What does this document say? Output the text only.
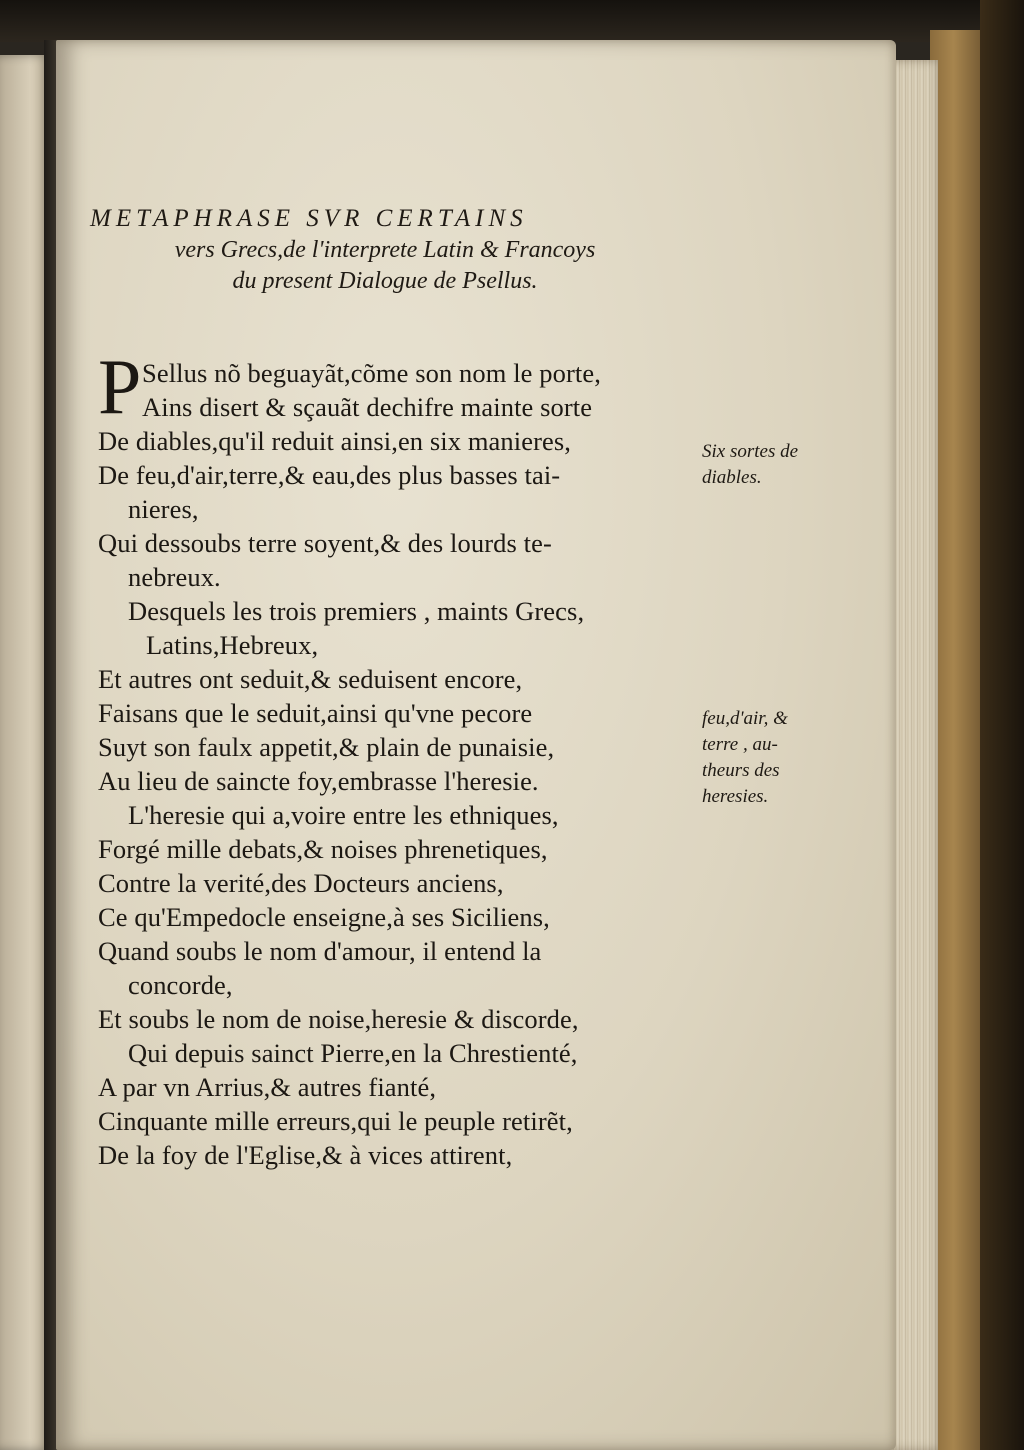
METAPHRASE SVR CERTAINS
vers Grecs,de l'interprete Latin & Francoys
du present Dialogue de Psellus.
P Sellus nõ beguayãt,cõme son nom le porte,
Ains disert & sçauãt dechifre mainte sorte
De diables,qu'il reduit ainsi,en six manieres,
De feu,d'air,terre,& eau,des plus basses tai-
nieres,
Qui dessoubs terre soyent,& des lourds te-
nebreux.
Desquels les trois premiers , maints Grecs,
Latins,Hebreux,
Et autres ont seduit,& seduisent encore,
Faisans que le seduit,ainsi qu'vne pecore
Suyt son faulx appetit,& plain de punaisie,
Au lieu de saincte foy,embrasse l'heresie.
L'heresie qui a,voire entre les ethniques,
Forgé mille debats,& noises phrenetiques,
Contre la verité,des Docteurs anciens,
Ce qu'Empedocle enseigne,à ses Siciliens,
Quand soubs le nom d'amour, il entend la
concorde,
Et soubs le nom de noise,heresie & discorde,
Qui depuis sainct Pierre,en la Chrestienté,
A par vn Arrius,& autres fianté,
Cinquante mille erreurs,qui le peuple retirẽt,
De la foy de l'Eglise,& à vices attirent,
Six sortes de
diables.
feu,d'air, &
terre , au-
theurs des
heresies.
